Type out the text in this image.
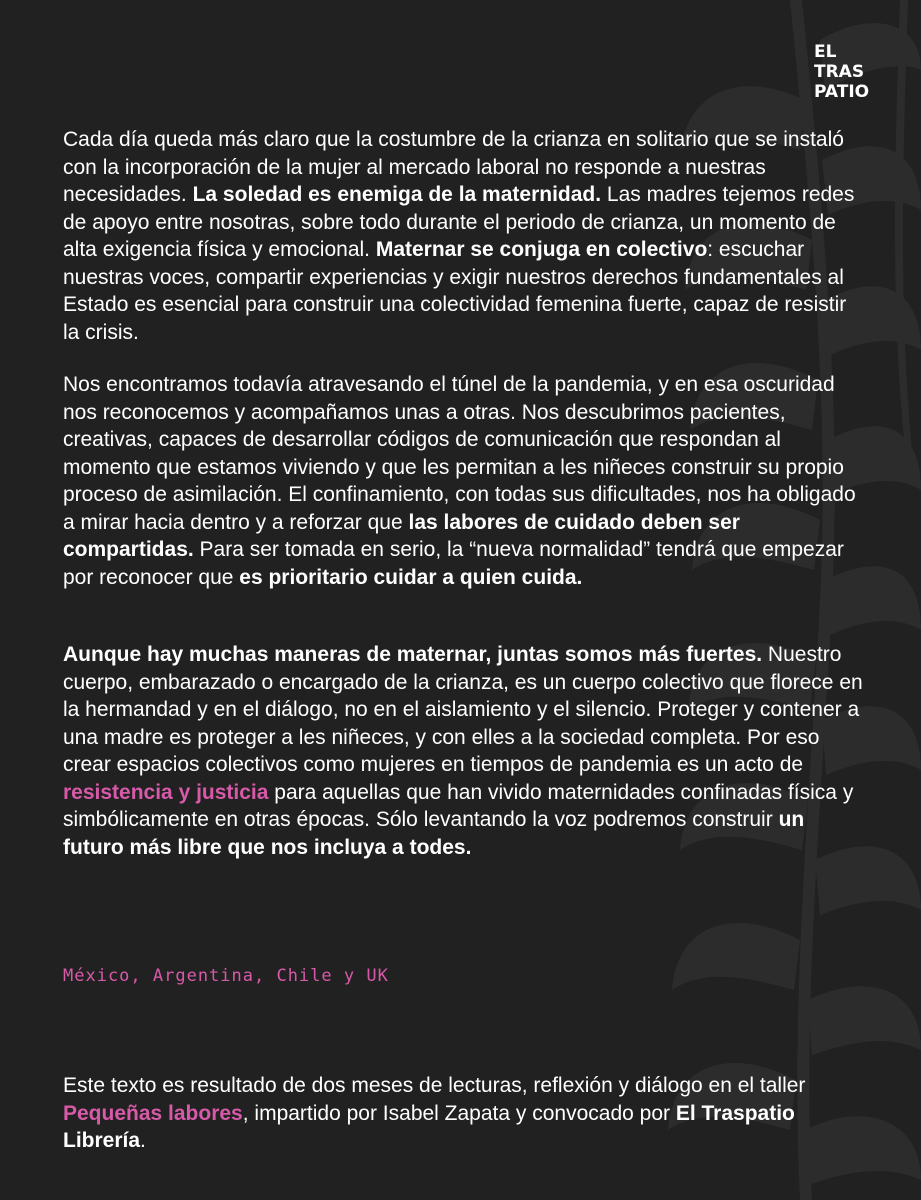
EL
TRAS
PATIO

Cada día queda más claro que la costumbre de la crianza en solitario que se instaló con la incorporación de la mujer al mercado laboral no responde a nuestras necesidades. La soledad es enemiga de la maternidad. Las madres tejemos redes de apoyo entre nosotras, sobre todo durante el periodo de crianza, un momento de alta exigencia física y emocional. Maternar se conjuga en colectivo: escuchar nuestras voces, compartir experiencias y exigir nuestros derechos fundamentales al Estado es esencial para construir una colectividad femenina fuerte, capaz de resistir la crisis.

Nos encontramos todavía atravesando el túnel de la pandemia, y en esa oscuridad nos reconocemos y acompañamos unas a otras. Nos descubrimos pacientes, creativas, capaces de desarrollar códigos de comunicación que respondan al momento que estamos viviendo y que les permitan a les niñeces construir su propio proceso de asimilación. El confinamiento, con todas sus dificultades, nos ha obligado a mirar hacia dentro y a reforzar que las labores de cuidado deben ser compartidas. Para ser tomada en serio, la “nueva normalidad” tendrá que empezar por reconocer que es prioritario cuidar a quien cuida.

Aunque hay muchas maneras de maternar, juntas somos más fuertes. Nuestro cuerpo, embarazado o encargado de la crianza, es un cuerpo colectivo que florece en la hermandad y en el diálogo, no en el aislamiento y el silencio. Proteger y contener a una madre es proteger a les niñeces, y con elles a la sociedad completa. Por eso crear espacios colectivos como mujeres en tiempos de pandemia es un acto de resistencia y justicia para aquellas que han vivido maternidades confinadas física y simbólicamente en otras épocas. Sólo levantando la voz podremos construir un futuro más libre que nos incluya a todes.

México, Argentina, Chile y UK
Este texto es resultado de dos meses de lecturas, reflexión y diálogo en el taller Pequeñas labores, impartido por Isabel Zapata y convocado por El Traspatio Librería.
